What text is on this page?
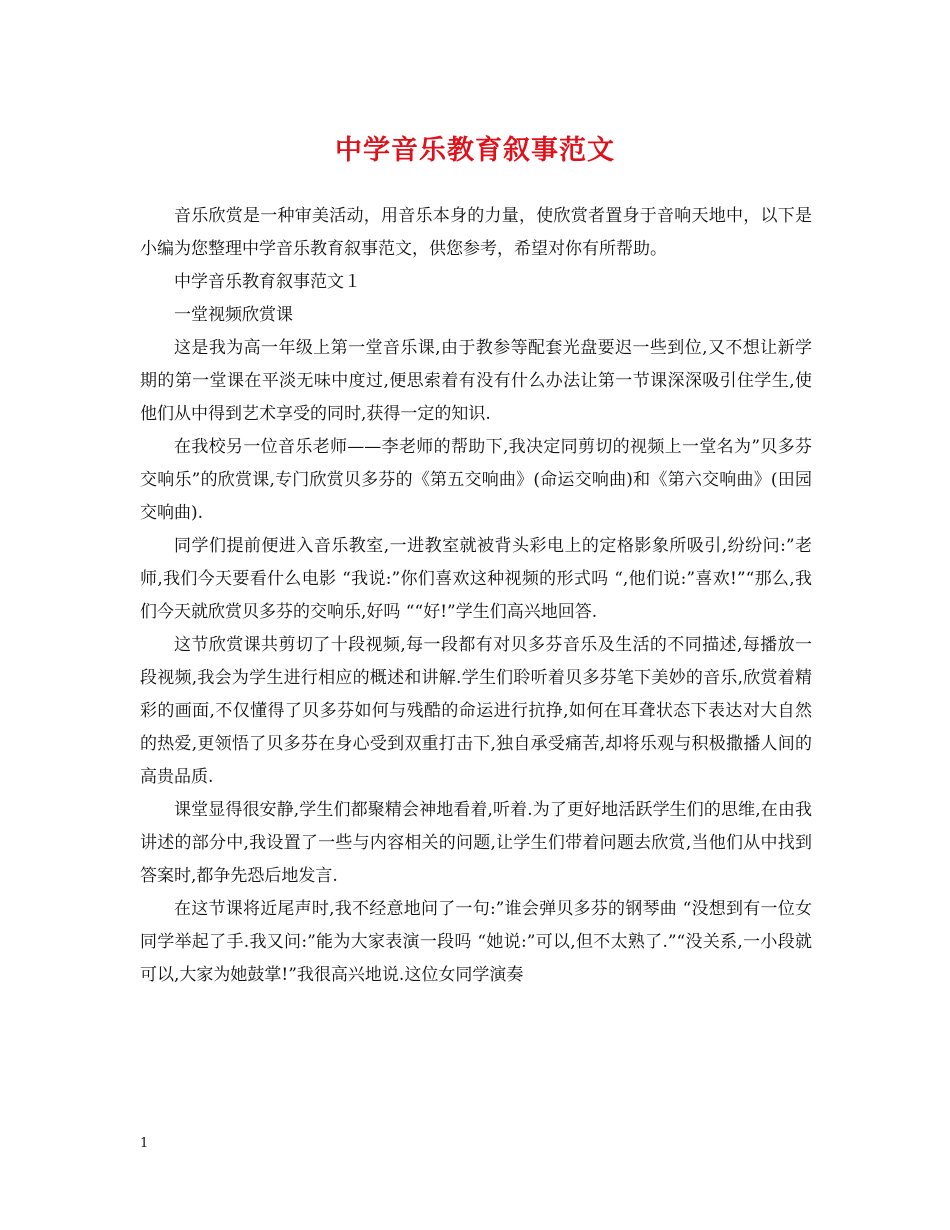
中学音乐教育叙事范文

音乐欣赏是一种审美活动，用音乐本身的力量，使欣赏者置身于音响天地中，以下是小编为您整理中学音乐教育叙事范文，供您参考，希望对你有所帮助。

中学音乐教育叙事范文１

一堂视频欣赏课

这是我为高一年级上第一堂音乐课,由于教参等配套光盘要迟一些到位,又不想让新学期的第一堂课在平淡无味中度过,便思索着有没有什么办法让第一节课深深吸引住学生,使他们从中得到艺术享受的同时,获得一定的知识.

在我校另一位音乐老师——李老师的帮助下,我决定同剪切的视频上一堂名为”贝多芬交响乐”的欣赏课,专门欣赏贝多芬的《第五交响曲》(命运交响曲)和《第六交响曲》(田园交响曲).

同学们提前便进入音乐教室,一进教室就被背头彩电上的定格影象所吸引,纷纷问:”老师,我们今天要看什么电影 “我说:”你们喜欢这种视频的形式吗 “,他们说:”喜欢!”“那么,我们今天就欣赏贝多芬的交响乐,好吗 ““好!”学生们高兴地回答.

这节欣赏课共剪切了十段视频,每一段都有对贝多芬音乐及生活的不同描述,每播放一段视频,我会为学生进行相应的概述和讲解.学生们聆听着贝多芬笔下美妙的音乐,欣赏着精彩的画面,不仅懂得了贝多芬如何与残酷的命运进行抗挣,如何在耳聋状态下表达对大自然的热爱,更领悟了贝多芬在身心受到双重打击下,独自承受痛苦,却将乐观与积极撒播人间的高贵品质.

课堂显得很安静,学生们都聚精会神地看着,听着.为了更好地活跃学生们的思维,在由我讲述的部分中,我设置了一些与内容相关的问题,让学生们带着问题去欣赏,当他们从中找到答案时,都争先恐后地发言.

在这节课将近尾声时,我不经意地问了一句:”谁会弹贝多芬的钢琴曲 “没想到有一位女同学举起了手.我又问:”能为大家表演一段吗 “她说:”可以,但不太熟了.”“没关系,一小段就可以,大家为她鼓掌!”我很高兴地说.这位女同学演奏

1
